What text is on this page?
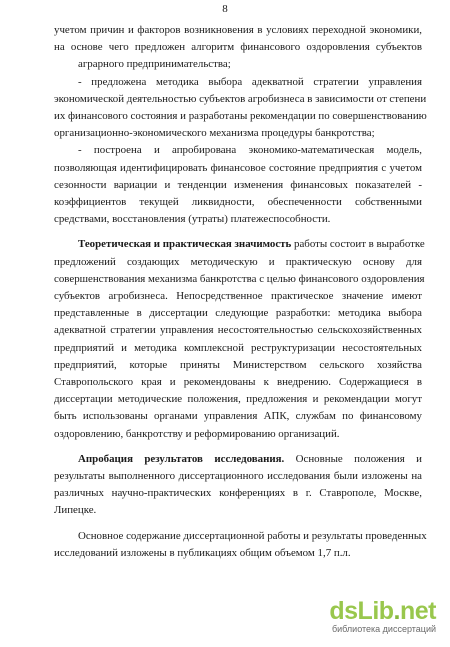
8

учетом причин и факторов возникновения в условиях переходной экономики,
на основе чего предложен алгоритм финансового оздоровления субъектов
аграрного предпринимательства;

- предложена методика выбора адекватной стратегии управления
экономической деятельностью субъектов агробизнеса в зависимости от степени
их финансового состояния и разработаны рекомендации по совершенствованию
организационно-экономического механизма процедуры банкротства;

- построена и апробирована экономико-математическая модель,
позволяющая идентифицировать финансовое состояние предприятия с учетом
сезонности вариации и тенденции изменения финансовых показателей -
коэффициентов текущей ликвидности, обеспеченности собственными
средствами, восстановления (утраты) платежеспособности.

Теоретическая и практическая значимость работы состоит в выработке
предложений создающих методическую и практическую основу для
совершенствования механизма банкротства с целью финансового оздоровления
субъектов агробизнеса. Непосредственное практическое значение имеют
представленные в диссертации следующие разработки: методика выбора
адекватной стратегии управления несостоятельностью сельскохозяйственных
предприятий и методика комплексной реструктуризации несостоятельных
предприятий, которые приняты Министерством сельского хозяйства
Ставропольского края и рекомендованы к внедрению. Содержащиеся в
диссертации методические положения, предложения и рекомендации могут
быть использованы органами управления АПК, службам по финансовому
оздоровлению, банкротству и реформированию организаций.

Апробация результатов исследования. Основные положения и
результаты выполненного диссертационного исследования были изложены на
различных научно-практических конференциях в г. Ставрополе, Москве,
Липецке.

Основное содержание диссертационной работы и результаты проведенных
исследований изложены в публикациях общим объемом 1,7 п.л.

dsLib.net
библиотека диссертаций
